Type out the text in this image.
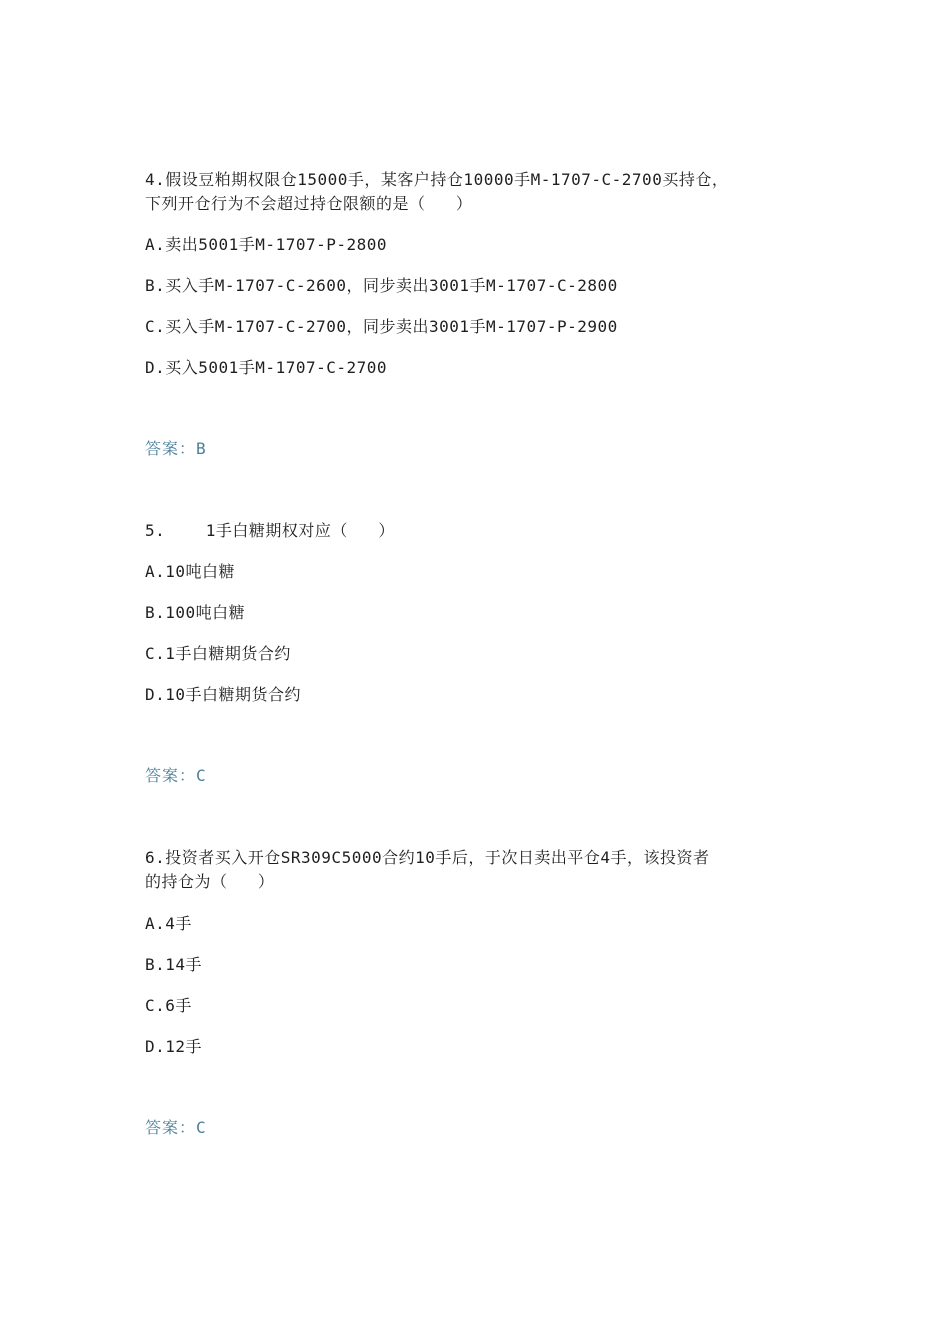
4.假设豆粕期权限仓15000手，某客户持仓10000手M-1707-C-2700买持仓，

下列开仓行为不会超过持仓限额的是（   ）

A.卖出5001手M-1707-P-2800
B.买入手M-1707-C-2600，同步卖出3001手M-1707-C-2800
C.买入手M-1707-C-2700，同步卖出3001手M-1707-P-2900
D.买入5001手M-1707-C-2700
答案：B

5.    1手白糖期权对应（   ）

A.10吨白糖
B.100吨白糖
C.1手白糖期货合约
D.10手白糖期货合约
答案：C

6.投资者买入开仓SR309C5000合约10手后，于次日卖出平仓4手，该投资者

的持仓为（   ）

A.4手
B.14手
C.6手
D.12手
答案：C
